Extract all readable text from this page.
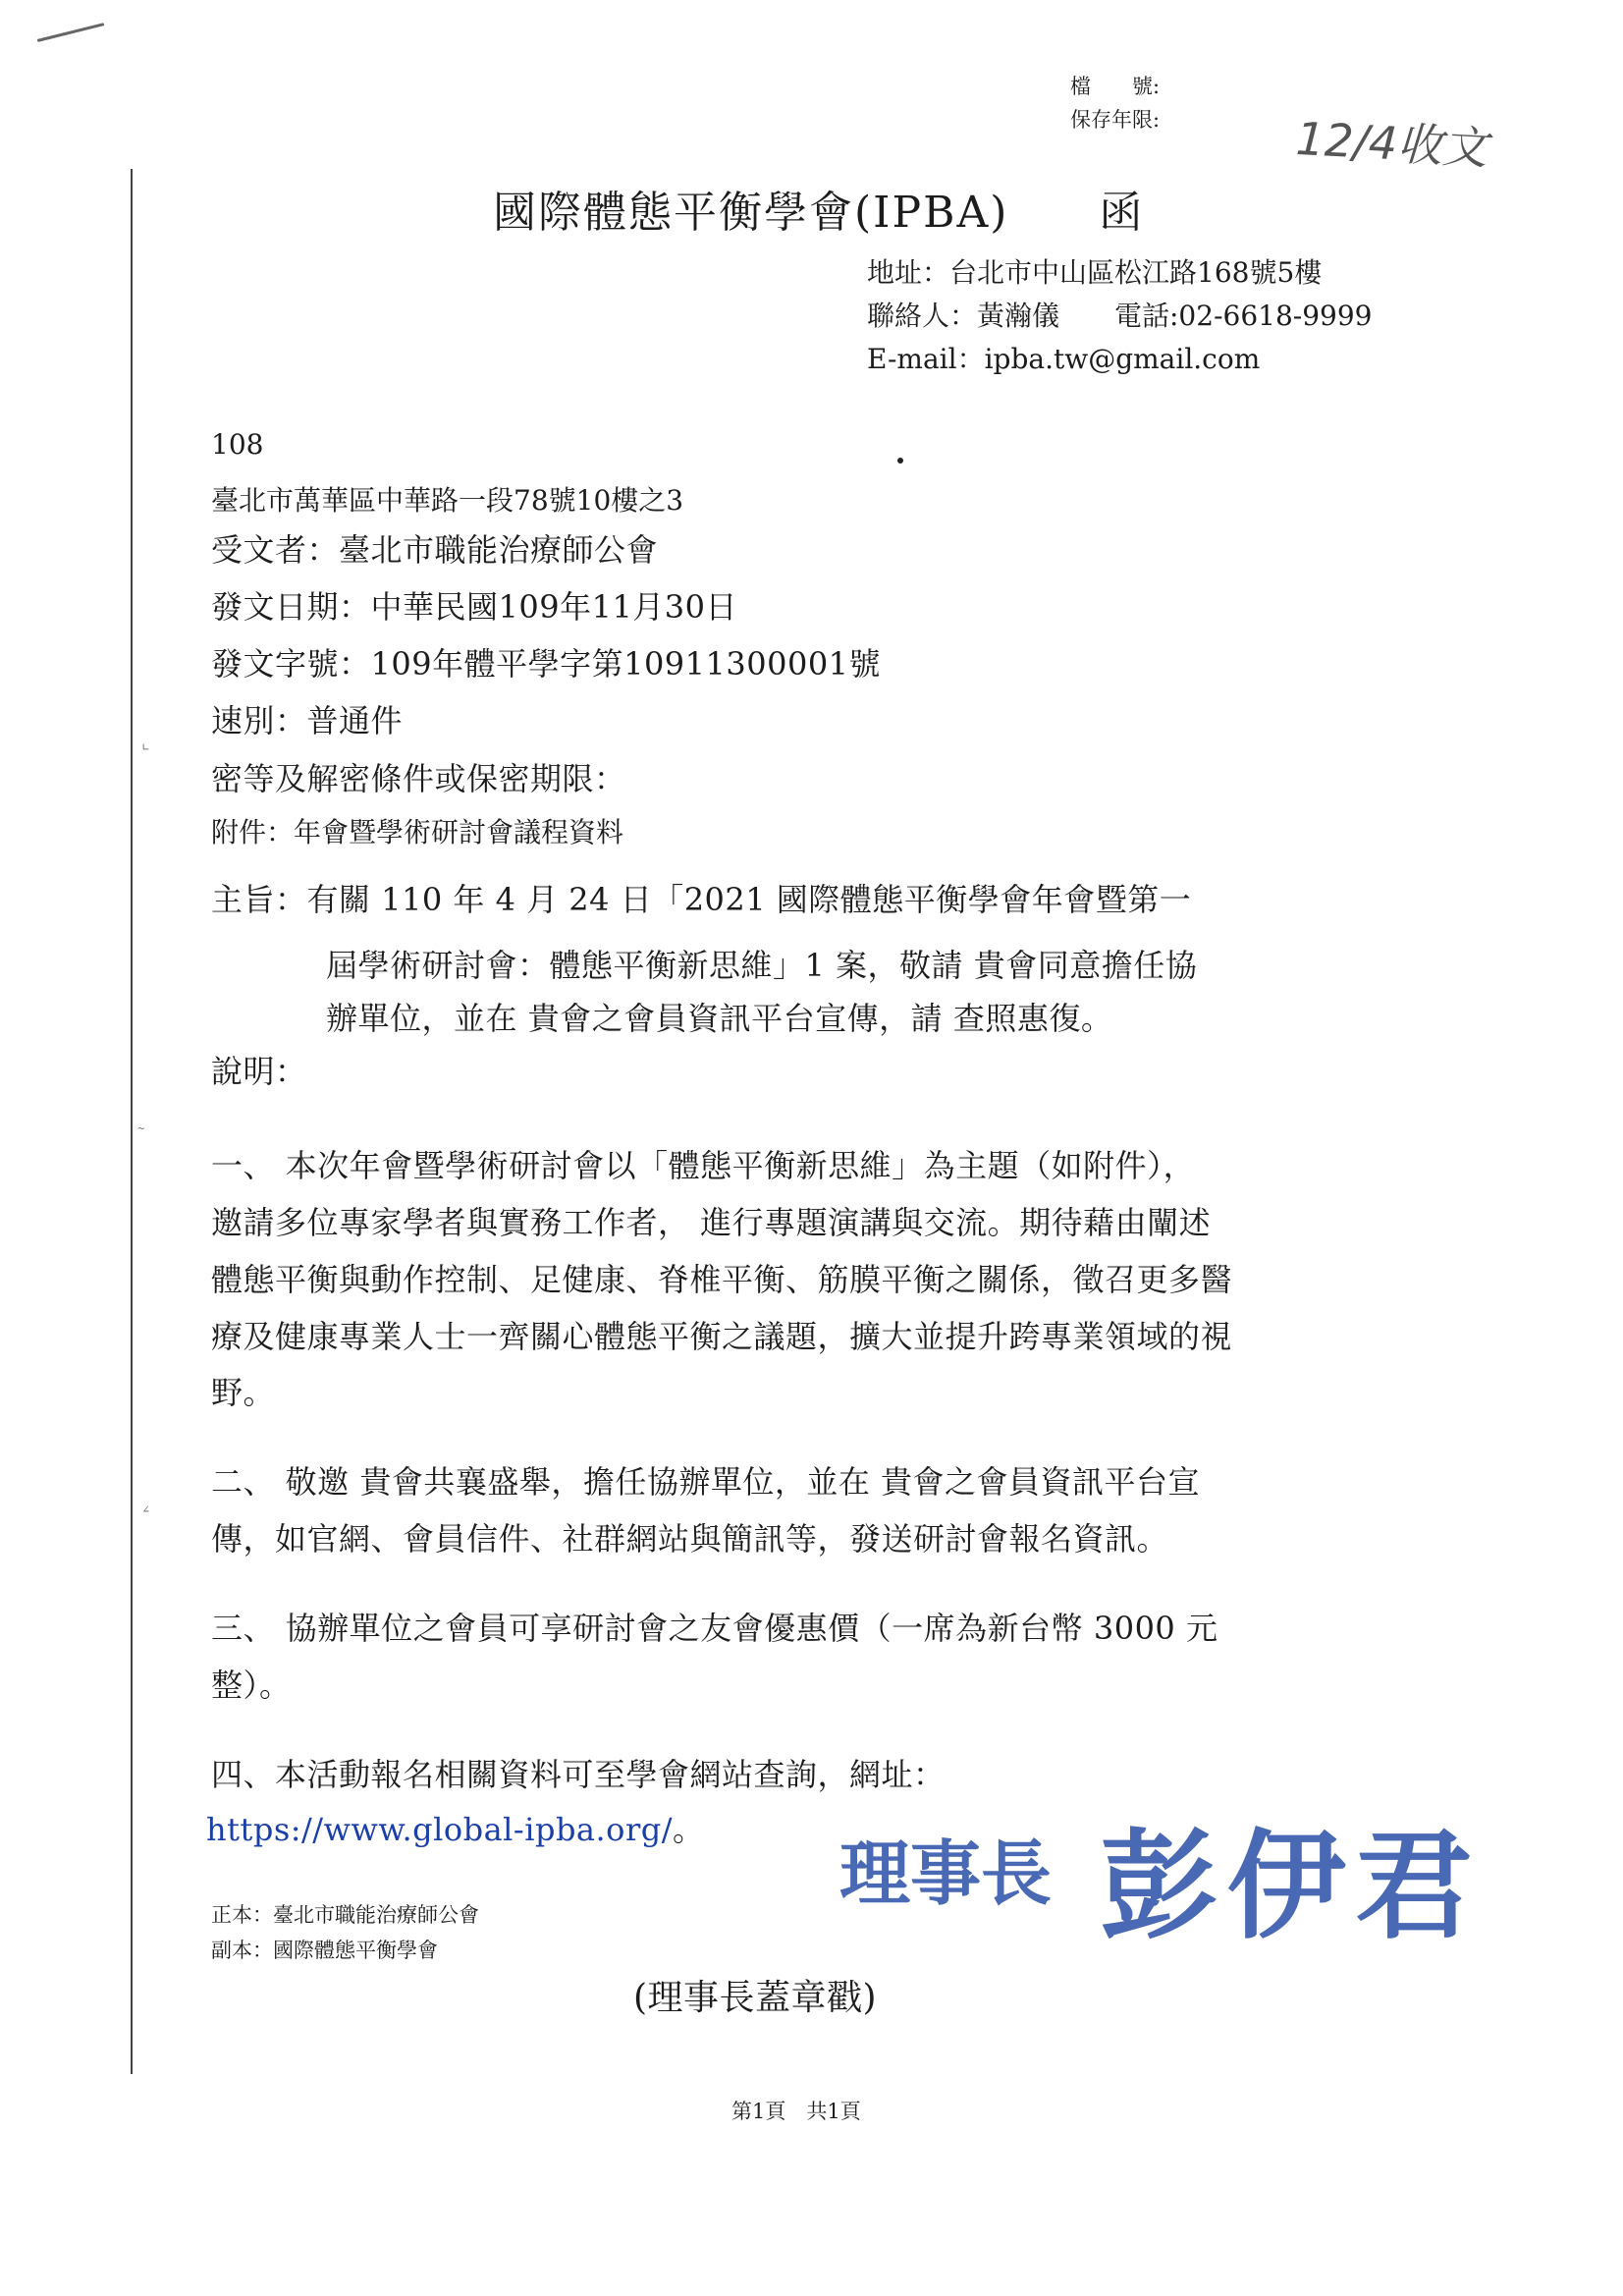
∟
~
∠
檔　　號:
保存年限:	12/4收文
國際體態平衡學會(IPBA)　　函
地址：台北市中山區松江路168號5樓
聯絡人：黃瀚儀　　電話:02-6618-9999
E-mail：ipba.tw@gmail.com
108
臺北市萬華區中華路一段78號10樓之3
受文者：臺北市職能治療師公會
發文日期：中華民國109年11月30日
發文字號：109年體平學字第10911300001號
速別：普通件
密等及解密條件或保密期限：
附件：年會暨學術研討會議程資料
主旨：有關 110 年 4 月 24 日「2021 國際體態平衡學會年會暨第一
屆學術研討會：體態平衡新思維」1 案，敬請 貴會同意擔任協
辦單位，並在 貴會之會員資訊平台宣傳，請 查照惠復。
說明：
一、 本次年會暨學術研討會以「體態平衡新思維」為主題（如附件），
邀請多位專家學者與實務工作者， 進行專題演講與交流。期待藉由闡述
體態平衡與動作控制、足健康、脊椎平衡、筋膜平衡之關係，徵召更多醫
療及健康專業人士一齊關心體態平衡之議題，擴大並提升跨專業領域的視
野。
二、 敬邀 貴會共襄盛舉，擔任協辦單位，並在 貴會之會員資訊平台宣
傳，如官網、會員信件、社群網站與簡訊等，發送研討會報名資訊。
三、 協辦單位之會員可享研討會之友會優惠價（一席為新台幣 3000 元
整）。
四、本活動報名相關資料可至學會網站查詢，網址：
https://www.global-ipba.org/。
正本：臺北市職能治療師公會
副本：國際體態平衡學會
理事長 彭伊君
(理事長蓋章戳)
第1頁　共1頁
